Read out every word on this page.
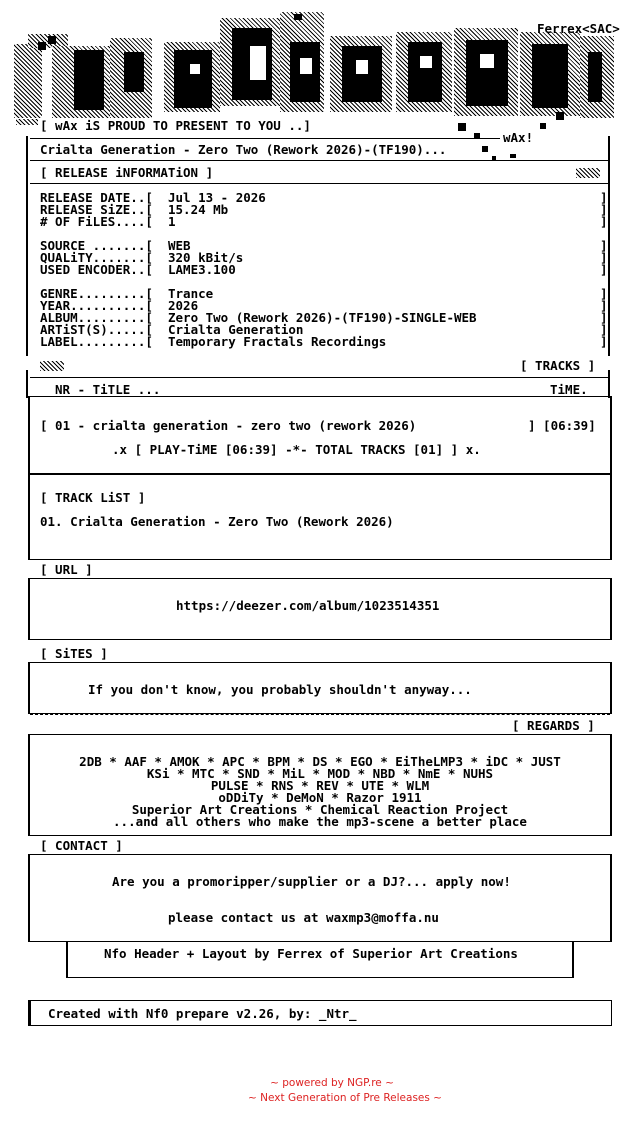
Ferrex<SAC>
[ wAx iS PROUD TO PRESENT TO YOU ..]
wAx!
Crialta Generation - Zero Two (Rework 2026)-(TF190)...
[ RELEASE iNFORMATiON ]
RELEASE DATE..[ Jul 13 - 2026
RELEASE SiZE..[ 15.24 Mb
# OF FiLES....[ 1
SOURCE .......[ WEB
QUALiTY.......[ 320 kBit/s
USED ENCODER..[ LAME3.100
GENRE.........[ Trance
YEAR..........[ 2026
ALBUM.........[ Zero Two (Rework 2026)-(TF190)-SINGLE-WEB
ARTiST(S).....[ Crialta Generation
LABEL.........[ Temporary Fractals Recordings
]
]
]
]
]
]
]
]
]
]
]
[ TRACKS ]
NR - TiTLE ...	TiME.
[ 01 - crialta generation - zero two (rework 2026)	] [06:39]
.x [ PLAY-TiME [06:39] -*- TOTAL TRACKS [01] ] x.
[ TRACK LiST ]
01. Crialta Generation - Zero Two (Rework 2026)
[ URL ]
https://deezer.com/album/1023514351
[ SiTES ]
If you don't know, you probably shouldn't anyway...
[ REGARDS ]
2DB * AAF * AMOK * APC * BPM * DS * EGO * EiTheLMP3 * iDC * JUST
KSi * MTC * SND * MiL * MOD * NBD * NmE * NUHS
PULSE * RNS * REV * UTE * WLM
oDDiTy * DeMoN * Razor 1911
Superior Art Creations * Chemical Reaction Project
...and all others who make the mp3-scene a better place
[ CONTACT ]
Are you a promoripper/supplier or a DJ?... apply now!
please contact us at waxmp3@moffa.nu
Nfo Header + Layout by Ferrex of Superior Art Creations
Created with Nf0 prepare v2.26, by: _Ntr_
~ powered by NGP.re ~
~ Next Generation of Pre Releases ~
